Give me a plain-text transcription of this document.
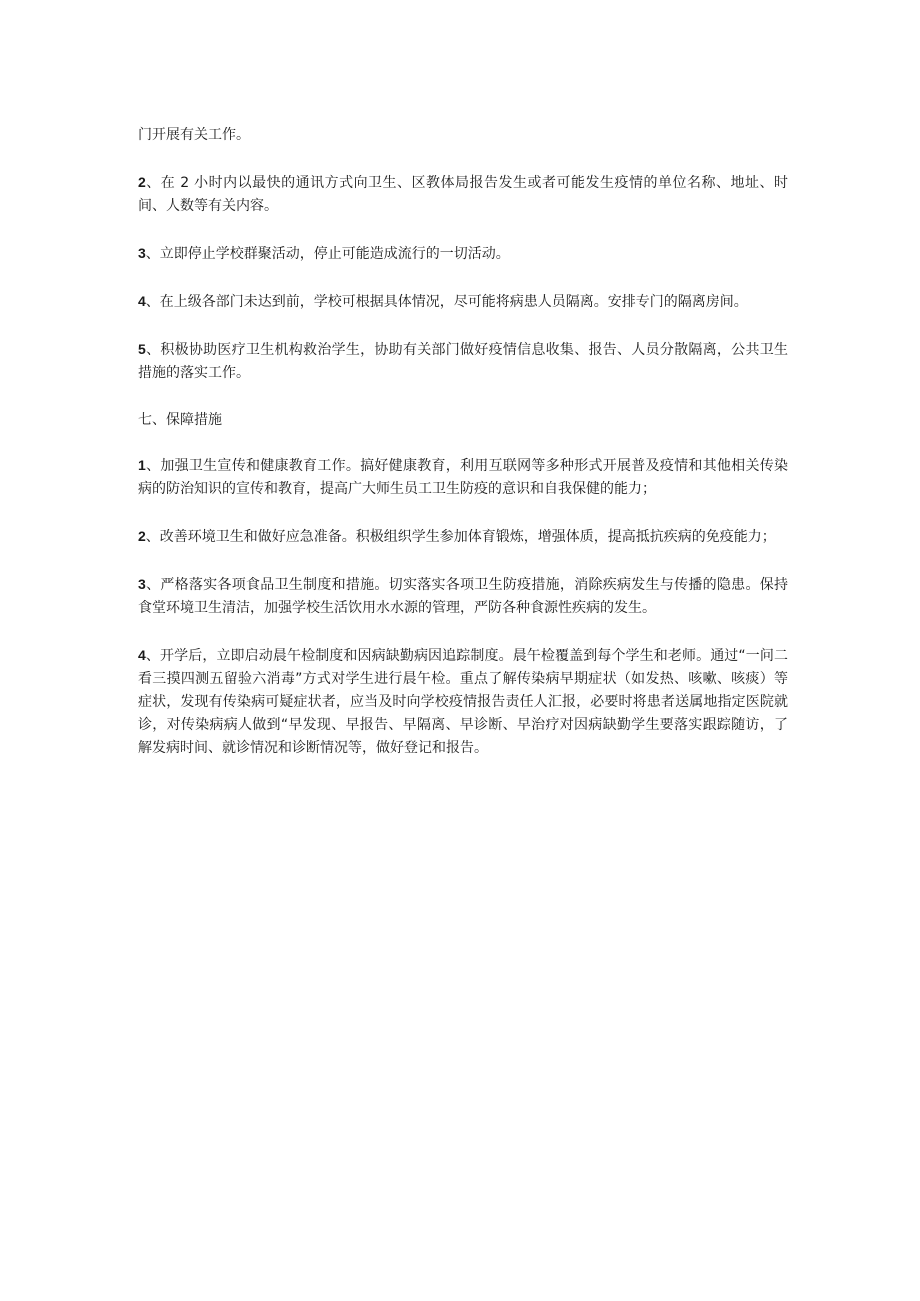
门开展有关工作。

2、在 2 小时内以最快的通讯方式向卫生、区教体局报告发生或者可能发生疫情的单位名称、地址、时间、人数等有关内容。

3、立即停止学校群聚活动，停止可能造成流行的一切活动。

4、在上级各部门未达到前，学校可根据具体情况，尽可能将病患人员隔离。安排专门的隔离房间。

5、积极协助医疗卫生机构救治学生，协助有关部门做好疫情信息收集、报告、人员分散隔离，公共卫生措施的落实工作。

七、保障措施

1、加强卫生宣传和健康教育工作。搞好健康教育，利用互联网等多种形式开展普及疫情和其他相关传染病的防治知识的宣传和教育，提高广大师生员工卫生防疫的意识和自我保健的能力；

2、改善环境卫生和做好应急准备。积极组织学生参加体育锻炼，增强体质，提高抵抗疾病的免疫能力；

3、严格落实各项食品卫生制度和措施。切实落实各项卫生防疫措施，消除疾病发生与传播的隐患。保持食堂环境卫生清洁，加强学校生活饮用水水源的管理，严防各种食源性疾病的发生。

4、开学后，立即启动晨午检制度和因病缺勤病因追踪制度。晨午检覆盖到每个学生和老师。通过“一问二看三摸四测五留验六消毒”方式对学生进行晨午检。重点了解传染病早期症状（如发热、咳嗽、咳痰）等症状，发现有传染病可疑症状者，应当及时向学校疫情报告责任人汇报，必要时将患者送属地指定医院就诊，对传染病病人做到“早发现、早报告、早隔离、早诊断、早治疗对因病缺勤学生要落实跟踪随访，了解发病时间、就诊情况和诊断情况等，做好登记和报告。
